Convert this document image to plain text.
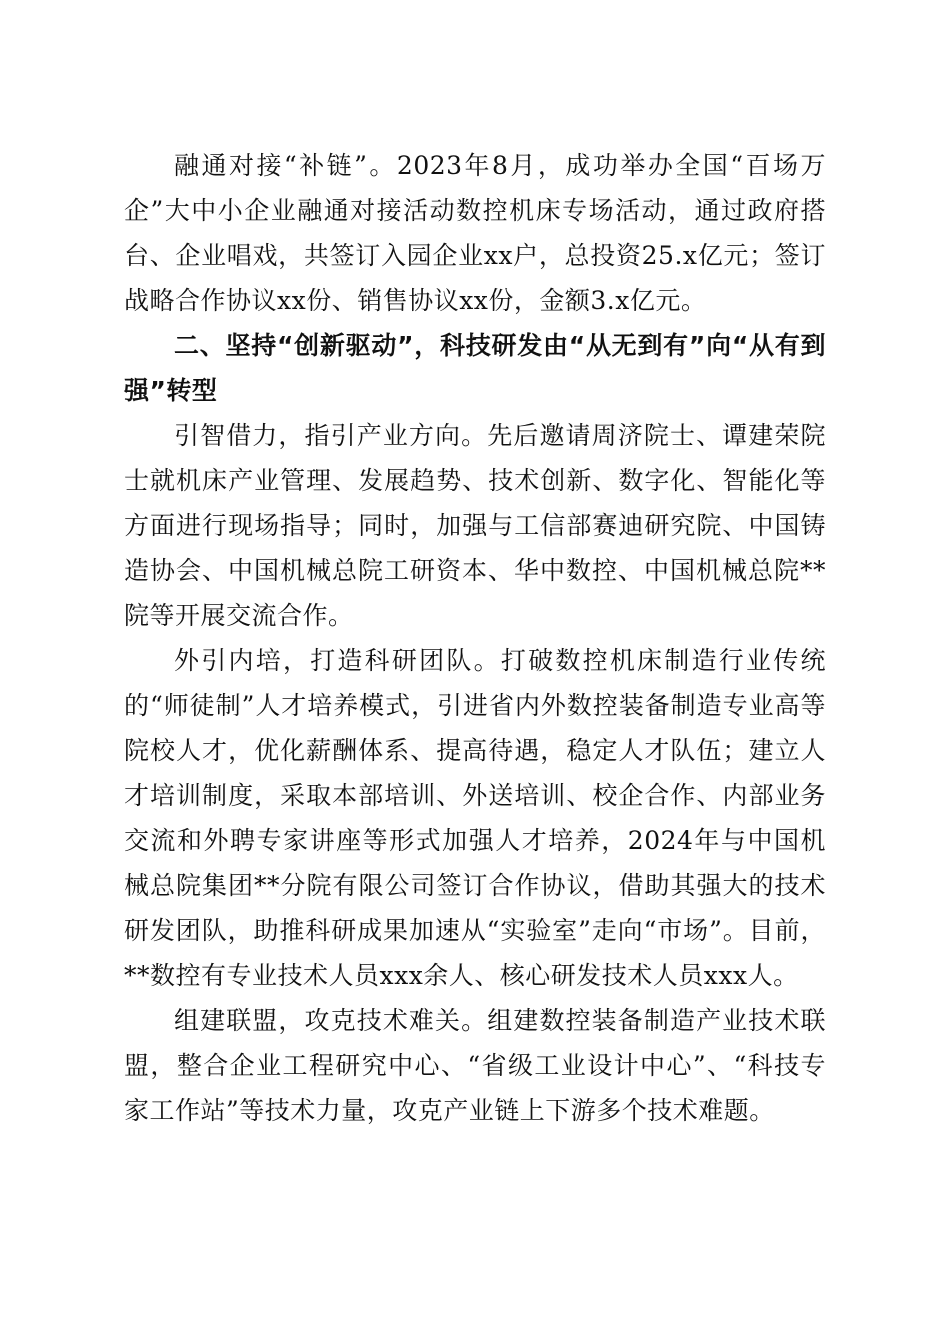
融通对接“补链”。2023年8月，成功举办全国“百场万企”大中小企业融通对接活动数控机床专场活动，通过政府搭台、企业唱戏，共签订入园企业xx户，总投资25.x亿元；签订战略合作协议xx份、销售协议xx份，金额3.x亿元。

二、坚持“创新驱动”，科技研发由“从无到有”向“从有到强”转型

引智借力，指引产业方向。先后邀请周济院士、谭建荣院士就机床产业管理、发展趋势、技术创新、数字化、智能化等方面进行现场指导；同时，加强与工信部赛迪研究院、中国铸造协会、中国机械总院工研资本、华中数控、中国机械总院**院等开展交流合作。

外引内培，打造科研团队。打破数控机床制造行业传统的“师徒制”人才培养模式，引进省内外数控装备制造专业高等院校人才，优化薪酬体系、提高待遇，稳定人才队伍；建立人才培训制度，采取本部培训、外送培训、校企合作、内部业务交流和外聘专家讲座等形式加强人才培养，2024年与中国机械总院集团**分院有限公司签订合作协议，借助其强大的技术研发团队，助推科研成果加速从“实验室”走向“市场”。目前，**数控有专业技术人员xxx余人、核心研发技术人员xxx人。

组建联盟，攻克技术难关。组建数控装备制造产业技术联盟，整合企业工程研究中心、“省级工业设计中心”、“科技专家工作站”等技术力量，攻克产业链上下游多个技术难题。
